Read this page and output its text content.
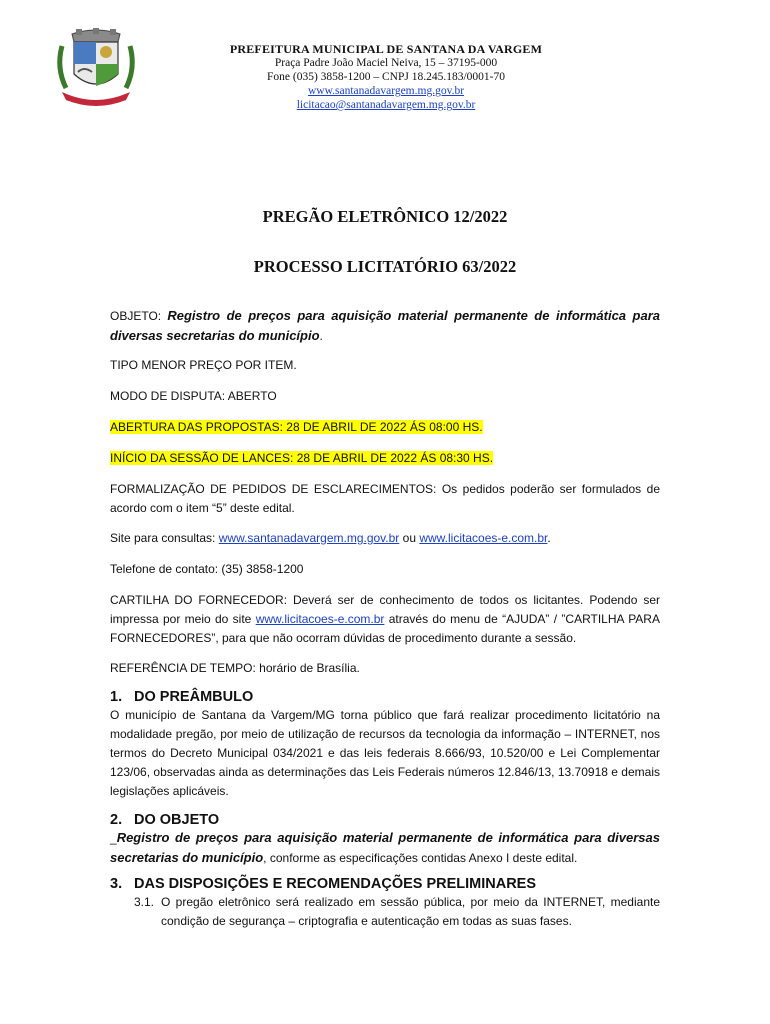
PREFEITURA MUNICIPAL DE SANTANA DA VARGEM
Praça Padre João Maciel Neiva, 15 – 37195-000
Fone (035) 3858-1200 – CNPJ 18.245.183/0001-70
www.santanadavargem.mg.gov.br
licitacao@santanadavargem.mg.gov.br
PREGÃO ELETRÔNICO 12/2022
PROCESSO LICITATÓRIO 63/2022
OBJETO: Registro de preços para aquisição material permanente de informática para diversas secretarias do município.
TIPO MENOR PREÇO POR ITEM.
MODO DE DISPUTA: ABERTO
ABERTURA DAS PROPOSTAS: 28 DE ABRIL DE 2022 ÁS 08:00 HS.
INÍCIO DA SESSÃO DE LANCES: 28 DE ABRIL DE 2022 ÁS 08:30 HS.
FORMALIZAÇÃO DE PEDIDOS DE ESCLARECIMENTOS: Os pedidos poderão ser formulados de acordo com o item “5” deste edital.
Site para consultas: www.santanadavargem.mg.gov.br ou www.licitacoes-e.com.br.
Telefone de contato: (35) 3858-1200
CARTILHA DO FORNECEDOR: Deverá ser de conhecimento de todos os licitantes. Podendo ser impressa por meio do site www.licitacoes-e.com.br através do menu de “AJUDA” / ”CARTILHA PARA FORNECEDORES”, para que não ocorram dúvidas de procedimento durante a sessão.
REFERÊNCIA DE TEMPO: horário de Brasília.
1. DO PREÂMBULO
O município de Santana da Vargem/MG torna público que fará realizar procedimento licitatório na modalidade pregão, por meio de utilização de recursos da tecnologia da informação – INTERNET, nos termos do Decreto Municipal 034/2021 e das leis federais 8.666/93, 10.520/00 e Lei Complementar 123/06, observadas ainda as determinações das Leis Federais números 12.846/13, 13.70918 e demais legislações aplicáveis.
2. DO OBJETO
_Registro de preços para aquisição material permanente de informática para diversas secretarias do município, conforme as especificações contidas Anexo I deste edital.
3. DAS DISPOSIÇÕES E RECOMENDAÇÕES PRELIMINARES
3.1. O pregão eletrônico será realizado em sessão pública, por meio da INTERNET, mediante condição de segurança – criptografia e autenticação em todas as suas fases.
